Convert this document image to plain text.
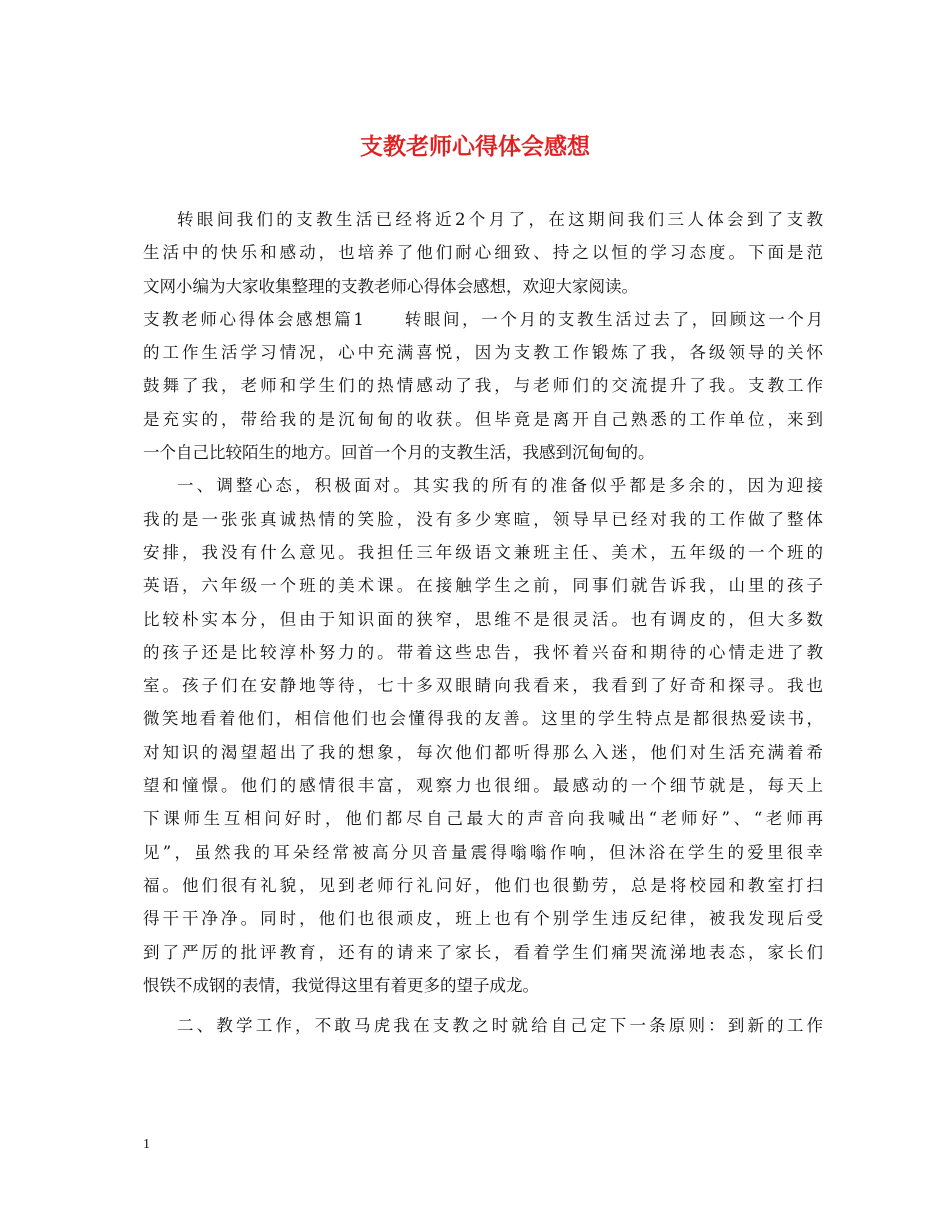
支教老师心得体会感想
转眼间我们的支教生活已经将近2个月了，在这期间我们三人体会到了支教
生活中的快乐和感动，也培养了他们耐心细致、持之以恒的学习态度。下面是范
文网小编为大家收集整理的支教老师心得体会感想，欢迎大家阅读。
支教老师心得体会感想篇1　　转眼间，一个月的支教生活过去了，回顾这一个月
的工作生活学习情况，心中充满喜悦，因为支教工作锻炼了我，各级领导的关怀
鼓舞了我，老师和学生们的热情感动了我，与老师们的交流提升了我。支教工作
是充实的，带给我的是沉甸甸的收获。但毕竟是离开自己熟悉的工作单位，来到
一个自己比较陌生的地方。回首一个月的支教生活，我感到沉甸甸的。
一、调整心态，积极面对。其实我的所有的准备似乎都是多余的，因为迎接
我的是一张张真诚热情的笑脸，没有多少寒暄，领导早已经对我的工作做了整体
安排，我没有什么意见。我担任三年级语文兼班主任、美术，五年级的一个班的
英语，六年级一个班的美术课。在接触学生之前，同事们就告诉我，山里的孩子
比较朴实本分，但由于知识面的狭窄，思维不是很灵活。也有调皮的，但大多数
的孩子还是比较淳朴努力的。带着这些忠告，我怀着兴奋和期待的心情走进了教
室。孩子们在安静地等待，七十多双眼睛向我看来，我看到了好奇和探寻。我也
微笑地看着他们，相信他们也会懂得我的友善。这里的学生特点是都很热爱读书，
对知识的渴望超出了我的想象，每次他们都听得那么入迷，他们对生活充满着希
望和憧憬。他们的感情很丰富，观察力也很细。最感动的一个细节就是，每天上
下课师生互相问好时，他们都尽自己最大的声音向我喊出“老师好”、“老师再
见”，虽然我的耳朵经常被高分贝音量震得嗡嗡作响，但沐浴在学生的爱里很幸
福。他们很有礼貌，见到老师行礼问好，他们也很勤劳，总是将校园和教室打扫
得干干净净。同时，他们也很顽皮，班上也有个别学生违反纪律，被我发现后受
到了严厉的批评教育，还有的请来了家长，看着学生们痛哭流涕地表态，家长们
恨铁不成钢的表情，我觉得这里有着更多的望子成龙。
二、教学工作，不敢马虎我在支教之时就给自己定下一条原则：到新的工作
1
